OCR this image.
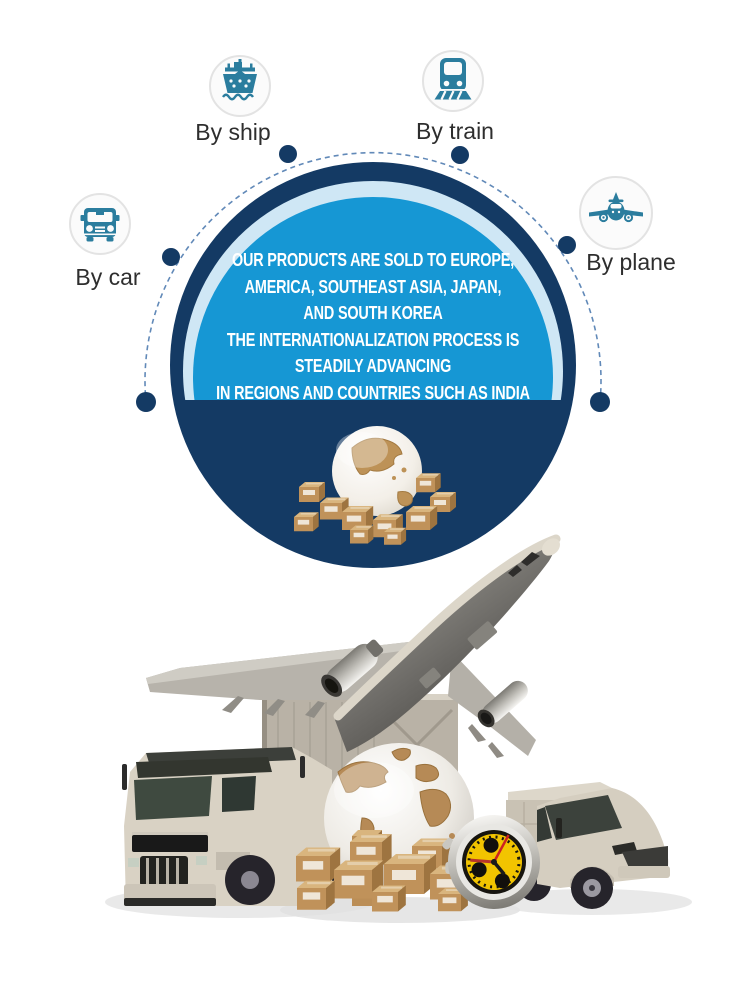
By ship	By train
By car
By plane
OUR PRODUCTS ARE SOLD TO EUROPE,
AMERICA, SOUTHEAST ASIA, JAPAN,
AND SOUTH KOREA
THE INTERNATIONALIZATION PROCESS IS
STEADILY ADVANCING
IN REGIONS AND COUNTRIES SUCH AS INDIA
